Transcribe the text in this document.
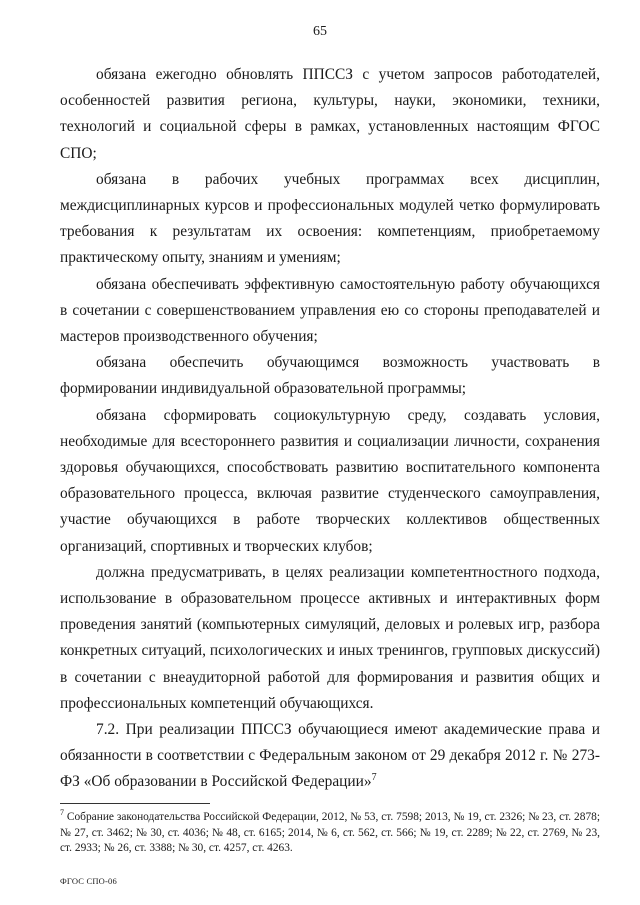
65

обязана ежегодно обновлять ППССЗ с учетом запросов работодателей, особенностей развития региона, культуры, науки, экономики, техники, технологий и социальной сферы в рамках, установленных настоящим ФГОС СПО;

обязана в рабочих учебных программах всех дисциплин, междисциплинарных курсов и профессиональных модулей четко формулировать требования к результатам их освоения: компетенциям, приобретаемому практическому опыту, знаниям и умениям;

обязана обеспечивать эффективную самостоятельную работу обучающихся в сочетании с совершенствованием управления ею со стороны преподавателей и мастеров производственного обучения;

обязана обеспечить обучающимся возможность участвовать в формировании индивидуальной образовательной программы;

обязана сформировать социокультурную среду, создавать условия, необходимые для всестороннего развития и социализации личности, сохранения здоровья обучающихся, способствовать развитию воспитательного компонента образовательного процесса, включая развитие студенческого самоуправления, участие обучающихся в работе творческих коллективов общественных организаций, спортивных и творческих клубов;

должна предусматривать, в целях реализации компетентностного подхода, использование в образовательном процессе активных и интерактивных форм проведения занятий (компьютерных симуляций, деловых и ролевых игр, разбора конкретных ситуаций, психологических и иных тренингов, групповых дискуссий) в сочетании с внеаудиторной работой для формирования и развития общих и профессиональных компетенций обучающихся.

7.2. При реализации ППССЗ обучающиеся имеют академические права и обязанности в соответствии с Федеральным законом от 29 декабря 2012 г. № 273-ФЗ «Об образовании в Российской Федерации»$^7$

$^7$ Собрание законодательства Российской Федерации, 2012, № 53, ст. 7598; 2013, № 19, ст. 2326; № 23, ст. 2878; № 27, ст. 3462; № 30, ст. 4036; № 48, ст. 6165; 2014, № 6, ст. 562, ст. 566; № 19, ст. 2289; № 22, ст. 2769, № 23, ст. 2933; № 26, ст. 3388; № 30, ст. 4257, ст. 4263.
ФГОС СПО-06
